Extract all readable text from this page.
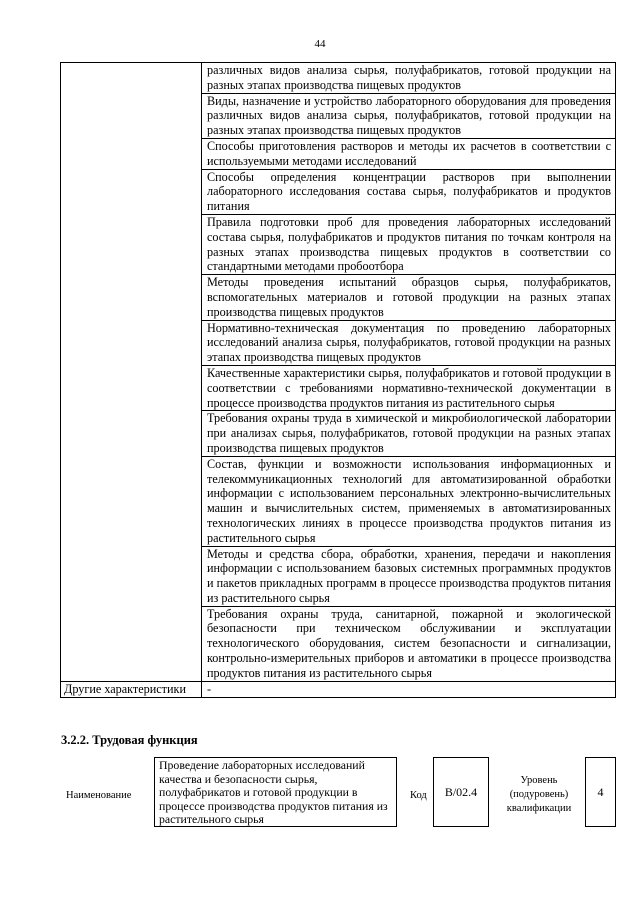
44
	различных видов анализа сырья, полуфабрикатов, готовой продукции на разных этапах производства пищевых продуктов
	Виды, назначение и устройство лабораторного оборудования для проведения различных видов анализа сырья, полуфабрикатов, готовой продукции на разных этапах производства пищевых продуктов
	Способы приготовления растворов и методы их расчетов в соответствии с используемыми методами исследований
	Способы определения концентрации растворов при выполнении лабораторного исследования состава сырья, полуфабрикатов и продуктов питания
	Правила подготовки проб для проведения лабораторных исследований состава сырья, полуфабрикатов и продуктов питания по точкам контроля на разных этапах производства пищевых продуктов в соответствии со стандартными методами пробоотбора
	Методы проведения испытаний образцов сырья, полуфабрикатов, вспомогательных материалов и готовой продукции на разных этапах производства пищевых продуктов
	Нормативно-техническая документация по проведению лабораторных исследований анализа сырья, полуфабрикатов, готовой продукции на разных этапах производства пищевых продуктов
	Качественные характеристики сырья, полуфабрикатов и готовой продукции в соответствии с требованиями нормативно-технической документации в процессе производства продуктов питания из растительного сырья
	Требования охраны труда в химической и микробиологической лаборатории при анализах сырья, полуфабрикатов, готовой продукции на разных этапах производства пищевых продуктов
	Состав, функции и возможности использования информационных и телекоммуникационных технологий для автоматизированной обработки информации с использованием персональных электронно-вычислительных машин и вычислительных систем, применяемых в автоматизированных технологических линиях в процессе производства продуктов питания из растительного сырья
	Методы и средства сбора, обработки, хранения, передачи и накопления информации с использованием базовых системных программных продуктов и пакетов прикладных программ в процессе производства продуктов питания из растительного сырья
	Требования охраны труда, санитарной, пожарной и экологической безопасности при техническом обслуживании и эксплуатации технологического оборудования, систем безопасности и сигнализации, контрольно-измерительных приборов и автоматики в процессе производства продуктов питания из растительного сырья
Другие характеристики	-
3.2.2. Трудовая функция
Наименование
Проведение лабораторных исследований качества и безопасности сырья, полуфабрикатов и готовой продукции в процессе производства продуктов питания из растительного сырья
Код В/02.4
Уровень (подуровень) квалификации
4
